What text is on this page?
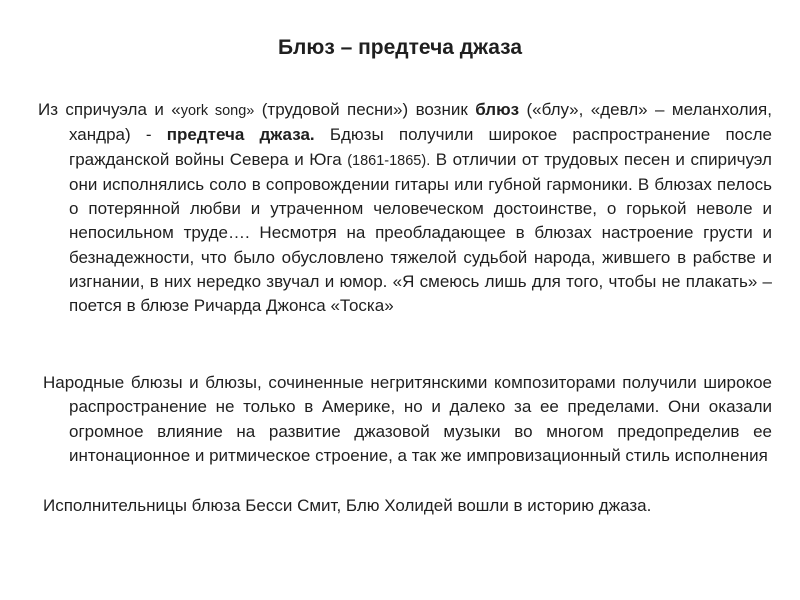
Блюз – предтеча джаза
Из спричуэла и «york song» (трудовой песни») возник блюз («блу», «девл» – меланхолия, хандра) - предтеча джаза. Бдюзы получили широкое распространение после гражданской войны Севера и Юга (1861-1865). В отличии от трудовых песен и спиричуэл они исполнялись соло в сопровождении гитары или губной гармоники. В блюзах пелось о потерянной любви и утраченном человеческом достоинстве, о горькой неволе и непосильном труде…. Несмотря на преобладающее в блюзах настроение грусти и безнадежности, что было обусловлено тяжелой судьбой народа, жившего в рабстве и изгнании, в них нередко звучал и юмор. «Я смеюсь лишь для того, чтобы не плакать» – поется в блюзе Ричарда Джонса «Тоска»
Народные блюзы и блюзы, сочиненные негритянскими композиторами получили широкое распространение не только в Америке, но и далеко за ее пределами. Они оказали огромное влияние на развитие джазовой музыки во многом предопределив ее интонационное и ритмическое строение, а так же импровизационный стиль исполнения
Исполнительницы блюза Бесси Смит, Блю Холидей вошли в историю джаза.
